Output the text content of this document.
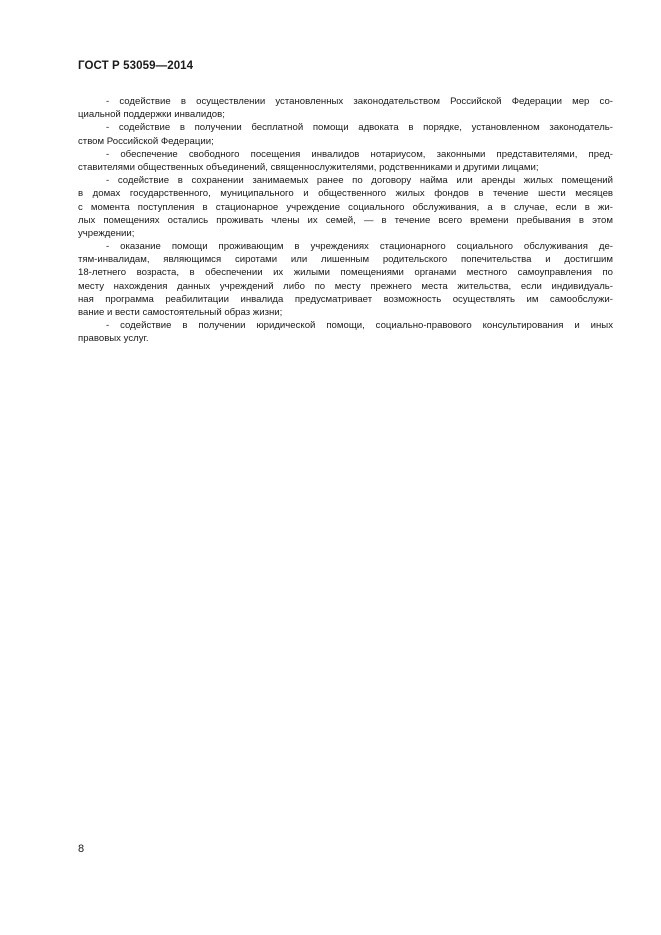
ГОСТ Р 53059—2014
- содействие в осуществлении установленных законодательством Российской Федерации мер со-
циальной поддержки инвалидов;
- содействие в получении бесплатной помощи адвоката в порядке, установленном законодатель-
ством Российской Федерации;
- обеспечение свободного посещения инвалидов нотариусом, законными представителями, пред-
ставителями общественных объединений, священнослужителями, родственниками и другими лицами;
- содействие в сохранении занимаемых ранее по договору найма или аренды жилых помещений
в домах государственного, муниципального и общественного жилых фондов в течение шести месяцев
с момента поступления в стационарное учреждение социального обслуживания, а в случае, если в жи-
лых помещениях остались проживать члены их семей, — в течение всего времени пребывания в этом
учреждении;
- оказание помощи проживающим в учреждениях стационарного социального обслуживания де-
тям-инвалидам, являющимся сиротами или лишенным родительского попечительства и достигшим
18-летнего возраста, в обеспечении их жилыми помещениями органами местного самоуправления по
месту нахождения данных учреждений либо по месту прежнего места жительства, если индивидуаль-
ная программа реабилитации инвалида предусматривает возможность осуществлять им самообслужи-
вание и вести самостоятельный образ жизни;
- содействие в получении юридической помощи, социально-правового консультирования и иных
правовых услуг.
8
